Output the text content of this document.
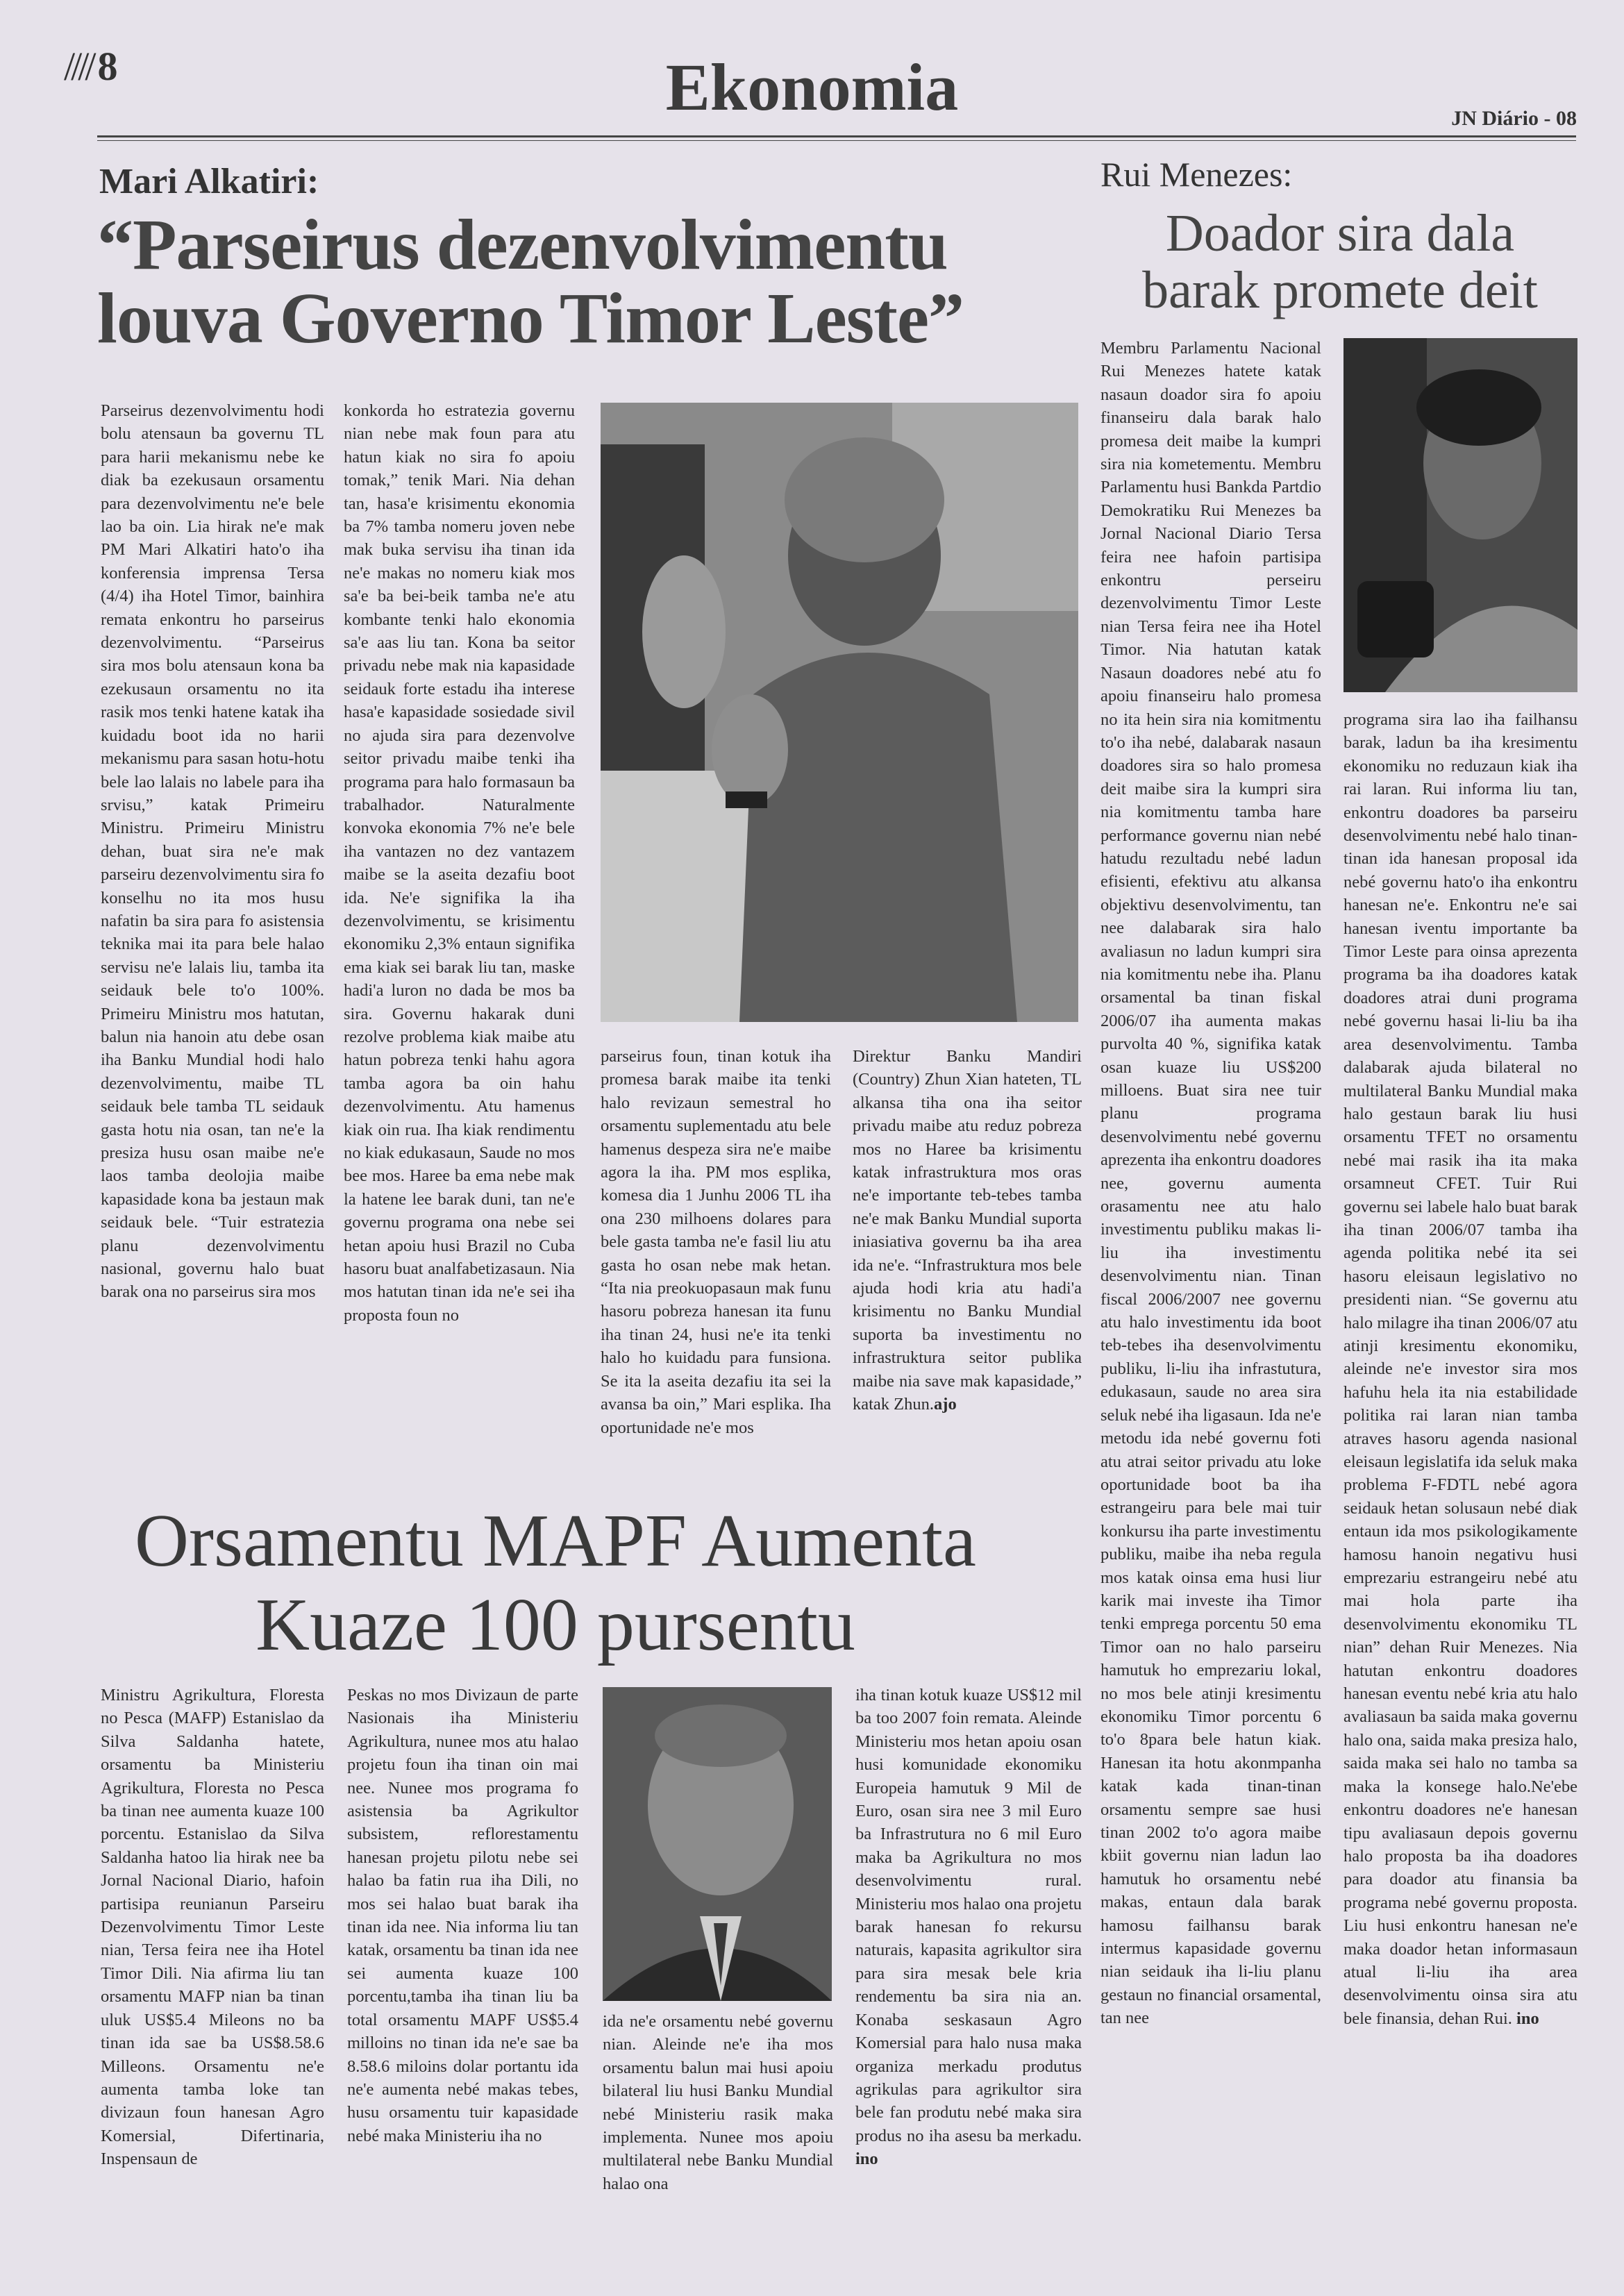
//// 8	Ekonomia	JN Diário - 08
Mari Alkatiri:
“Parseirus dezenvolvimentu
louva Governo Timor Leste”

Parseirus dezenvolvimentu hodi bolu atensaun ba governu TL para harii mekanismu nebe ke diak ba ezekusaun orsamentu para dezenvolvimentu ne'e bele lao ba oin. Lia hirak ne'e mak PM Mari Alkatiri hato'o iha konferensia imprensa Tersa (4/4) iha Hotel Timor, bainhira remata enkontru ho parseirus dezenvolvimentu. “Parseirus sira mos bolu atensaun kona ba ezekusaun orsamentu no ita rasik mos tenki hatene katak iha kuidadu boot ida no harii mekanismu para sasan hotu-hotu bele lao lalais no labele para iha srvisu,” katak Primeiru Ministru. Primeiru Ministru dehan, buat sira ne'e mak parseiru dezenvolvimentu sira fo konselhu no ita mos husu nafatin ba sira para fo asistensia teknika mai ita para bele halao servisu ne'e lalais liu, tamba ita seidauk bele to'o 100%. Primeiru Ministru mos hatutan, balun nia hanoin atu debe osan iha Banku Mundial hodi halo dezenvolvimentu, maibe TL seidauk bele tamba TL seidauk gasta hotu nia osan, tan ne'e la presiza husu osan maibe ne'e laos tamba deolojia maibe kapasidade kona ba jestaun mak seidauk bele. “Tuir estratezia planu dezenvolvimentu nasional, governu halo buat barak ona no parseirus sira mos

konkorda ho estratezia governu nian nebe mak foun para atu hatun kiak no sira fo apoiu tomak,” tenik Mari. Nia dehan tan, hasa'e krisimentu ekonomia ba 7% tamba nomeru joven nebe mak buka servisu iha tinan ida ne'e makas no nomeru kiak mos sa'e ba bei-beik tamba ne'e atu kombante tenki halo ekonomia sa'e aas liu tan. Kona ba seitor privadu nebe mak nia kapasidade seidauk forte estadu iha interese hasa'e kapasidade sosiedade sivil no ajuda sira para dezenvolve seitor privadu maibe tenki iha programa para halo formasaun ba trabalhador. Naturalmente konvoka ekonomia 7% ne'e bele iha vantazen no dez vantazem maibe se la aseita dezafiu boot ida. Ne'e signifika la iha dezenvolvimentu, se krisimentu ekonomiku 2,3% entaun signifika ema kiak sei barak liu tan, maske hadi'a luron no dada be mos ba sira. Governu hakarak duni rezolve problema kiak maibe atu hatun pobreza tenki hahu agora tamba agora ba oin hahu dezenvolvimentu. Atu hamenus kiak oin rua. Iha kiak rendimentu no kiak edukasaun, Saude no mos bee mos. Haree ba ema nebe mak la hatene lee barak duni, tan ne'e governu programa ona nebe sei hetan apoiu husi Brazil no Cuba hasoru buat analfabetizasaun. Nia mos hatutan tinan ida ne'e sei iha proposta foun no

parseirus foun, tinan kotuk iha promesa barak maibe ita tenki halo revizaun semestral ho orsamentu suplementadu atu bele hamenus despeza sira ne'e maibe agora la iha. PM mos esplika, komesa dia 1 Junhu 2006 TL iha ona 230 milhoens dolares para bele gasta tamba ne'e fasil liu atu gasta ho osan nebe mak hetan. “Ita nia preokuopasaun mak funu hasoru pobreza hanesan ita funu iha tinan 24, husi ne'e ita tenki halo ho kuidadu para funsiona. Se ita la aseita dezafiu ita sei la avansa ba oin,” Mari esplika. Iha oportunidade ne'e mos

Direktur Banku Mandiri (Country) Zhun Xian hateten, TL alkansa tiha ona iha seitor privadu maibe atu reduz pobreza mos no Haree ba krisimentu katak infrastruktura mos oras ne'e importante teb-tebes tamba ne'e mak Banku Mundial suporta iniasiativa governu ba iha area ida ne'e. “Infrastruktura mos bele ajuda hodi kria atu hadi'a krisimentu no Banku Mundial suporta ba investimentu no infrastruktura seitor publika maibe nia save mak kapasidade,” katak Zhun.ajo

Rui Menezes:
Doador sira dala
barak promete deit

Membru Parlamentu Nacional Rui Menezes hatete katak nasaun doador sira fo apoiu finanseiru dala barak halo promesa deit maibe la kumpri sira nia kometementu. Membru Parlamentu husi Bankda Partdio Demokratiku Rui Menezes ba Jornal Nacional Diario Tersa feira nee hafoin partisipa enkontru perseiru dezenvolvimentu Timor Leste nian Tersa feira nee iha Hotel Timor. Nia hatutan katak Nasaun doadores nebé atu fo apoiu finanseiru halo promesa no ita hein sira nia komitmentu to'o iha nebé, dalabarak nasaun doadores sira so halo promesa deit maibe sira la kumpri sira nia komitmentu tamba hare performance governu nian nebé hatudu rezultadu nebé ladun efisienti, efektivu atu alkansa objektivu desenvolvimentu, tan nee dalabarak sira halo avaliasun no ladun kumpri sira nia komitmentu nebe iha. Planu orsamental ba tinan fiskal 2006/07 iha aumenta makas purvolta 40 %, signifika katak osan kuaze liu US$200 milloens. Buat sira nee tuir planu programa desenvolvimentu nebé governu aprezenta iha enkontru doadores nee, governu aumenta orasamentu nee atu halo investimentu publiku makas li-liu iha investimentu desenvolvimentu nian. Tinan fiscal 2006/2007 nee governu atu halo investimentu ida boot teb-tebes iha desenvolvimentu publiku, li-liu iha infrastutura, edukasaun, saude no area sira seluk nebé iha ligasaun. Ida ne'e metodu ida nebé governu foti atu atrai seitor privadu atu loke oportunidade boot ba iha estrangeiru para bele mai tuir konkursu iha parte investimentu publiku, maibe iha neba regula mos katak oinsa ema husi liur karik mai investe iha Timor tenki emprega porcentu 50 ema Timor oan no halo parseiru hamutuk ho emprezariu lokal, no mos bele atinji kresimentu ekonomiku Timor porcentu 6 to'o 8para bele hatun kiak. Hanesan ita hotu akonmpanha katak kada tinan-tinan orsamentu sempre sae husi tinan 2002 to'o agora maibe kbiit governu nian ladun lao hamutuk ho orsamentu nebé makas, entaun dala barak hamosu failhansu barak intermus kapasidade governu nian seidauk iha li-liu planu gestaun no financial orsamental, tan nee

programa sira lao iha failhansu barak, ladun ba iha kresimentu ekonomiku no reduzaun kiak iha rai laran. Rui informa liu tan, enkontru doadores ba parseiru desenvolvimentu nebé halo tinan-tinan ida hanesan proposal ida nebé governu hato'o iha enkontru hanesan ne'e. Enkontru ne'e sai hanesan iventu importante ba Timor Leste para oinsa aprezenta programa ba iha doadores katak doadores atrai duni programa nebé governu hasai li-liu ba iha area desenvolvimentu. Tamba dalabarak ajuda bilateral no multilateral Banku Mundial maka halo gestaun barak liu husi orsamentu TFET no orsamentu nebé mai rasik iha ita maka orsamneut CFET. Tuir Rui governu sei labele halo buat barak iha tinan 2006/07 tamba iha agenda politika nebé ita sei hasoru eleisaun legislativo no presidenti nian. “Se governu atu halo milagre iha tinan 2006/07 atu atinji kresimentu ekonomiku, aleinde ne'e investor sira mos hafuhu hela ita nia estabilidade politika rai laran nian tamba atraves hasoru agenda nasional eleisaun legislatifa ida seluk maka problema F-FDTL nebé agora seidauk hetan solusaun nebé diak entaun ida mos psikologikamente hamosu hanoin negativu husi emprezariu estrangeiru nebé atu mai hola parte iha desenvolvimentu ekonomiku TL nian” dehan Ruir Menezes. Nia hatutan enkontru doadores hanesan eventu nebé kria atu halo avaliasaun ba saida maka governu halo ona, saida maka presiza halo, saida maka sei halo no tamba sa maka la konsege halo.Ne'ebe enkontru doadores ne'e hanesan tipu avaliasaun depois governu halo proposta ba iha doadores para doador atu finansia ba programa nebé governu proposta. Liu husi enkontru hanesan ne'e maka doador hetan informasaun atual li-liu iha area desenvolvimentu oinsa sira atu bele finansia, dehan Rui. ino

Orsamentu MAPF Aumenta
Kuaze 100 pursentu

Ministru Agrikultura, Floresta no Pesca (MAFP) Estanislao da Silva Saldanha hatete, orsamentu ba Ministeriu Agrikultura, Floresta no Pesca ba tinan nee aumenta kuaze 100 porcentu. Estanislao da Silva Saldanha hatoo lia hirak nee ba Jornal Nacional Diario, hafoin partisipa reunianun Parseiru Dezenvolvimentu Timor Leste nian, Tersa feira nee iha Hotel Timor Dili. Nia afirma liu tan orsamentu MAFP nian ba tinan uluk US$5.4 Mileons no ba tinan ida sae ba US$8.58.6 Milleons. Orsamentu ne'e aumenta tamba loke tan divizaun foun hanesan Agro Komersial, Difertinaria, Inspensaun de

Peskas no mos Divizaun de parte Nasionais iha Ministeriu Agrikultura, nunee mos atu halao projetu foun iha tinan oin mai nee. Nunee mos programa fo asistensia ba Agrikultor subsistem, reflorestamentu hanesan projetu pilotu nebe sei halao ba fatin rua iha Dili, no mos sei halao buat barak iha tinan ida nee. Nia informa liu tan katak, orsamentu ba tinan ida nee sei aumenta kuaze 100 porcentu,tamba iha tinan liu ba total orsamentu MAPF US$5.4 milloins no tinan ida ne'e sae ba 8.58.6 miloins dolar portantu ida ne'e aumenta nebé makas tebes, husu orsamentu tuir kapasidade nebé maka Ministeriu iha no

ida ne'e orsamentu nebé governu nian. Aleinde ne'e iha mos orsamentu balun mai husi apoiu bilateral liu husi Banku Mundial nebé Ministeriu rasik maka implementa. Nunee mos apoiu multilateral nebe Banku Mundial halao ona

iha tinan kotuk kuaze US$12 mil ba too 2007 foin remata. Aleinde Ministeriu mos hetan apoiu osan husi komunidade ekonomiku Europeia hamutuk 9 Mil de Euro, osan sira nee 3 mil Euro ba Infrastrutura no 6 mil Euro maka ba Agrikultura no mos desenvolvimentu rural. Ministeriu mos halao ona projetu barak hanesan fo rekursu naturais, kapasita agrikultor sira para sira mesak bele kria rendementu ba sira nia an. Konaba seskasaun Agro Komersial para halo nusa maka organiza merkadu produtus agrikulas para agrikultor sira bele fan produtu nebé maka sira produs no iha asesu ba merkadu. ino
